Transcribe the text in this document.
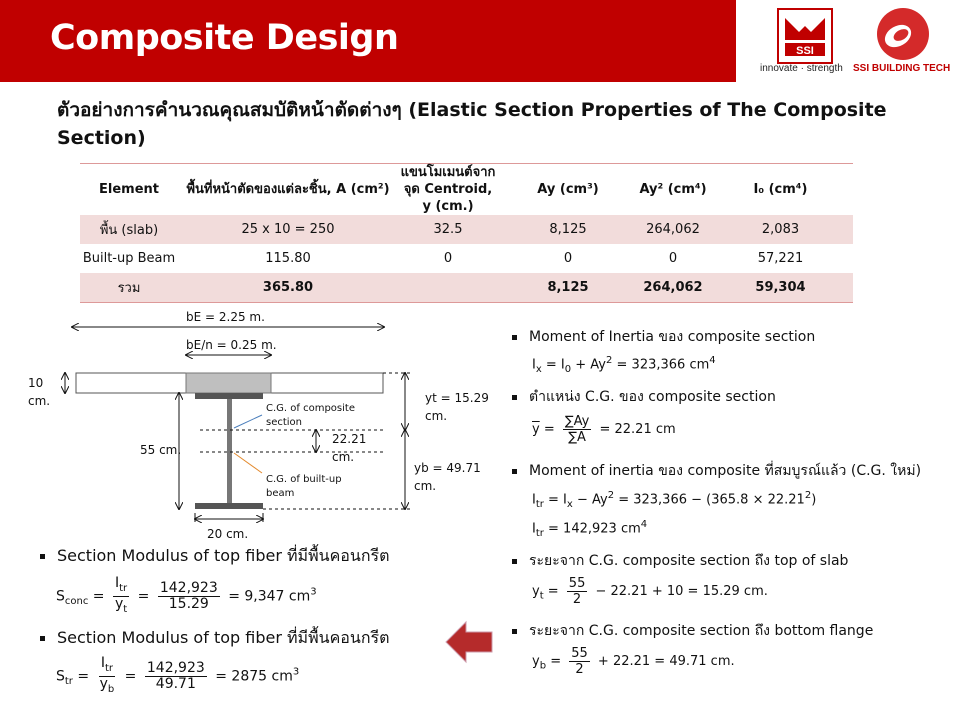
Composite Design	SSI
innovate · strength SSI BUILDING TECH
ตัวอย่างการคำนวณคุณสมบัติหน้าตัดต่างๆ (Elastic Section Properties of The Composite Section)
Element	พื้นที่หน้าตัดของแต่ละชิ้น, A (cm²)	แขนโมเมนต์จากจุด Centroid, y (cm.)	Ay (cm³)	Ay² (cm⁴)	I₀ (cm⁴)
พื้น (slab)	25 x 10 = 250	32.5	8,125	264,062	2,083
Built-up Beam	115.80	0	0	0	57,221
รวม	365.80		8,125	264,062	59,304
bE = 2.25 m.
bE/n = 0.25 m.
10
cm.
C.G. of composite
section
22.21
cm.
55 cm.
C.G. of built-up
beam
20 cm.
yt = 15.29
cm.
yb = 49.71
cm.
Moment of Inertia ของ composite section
$I_x = I_0 + Ay^2 = 323,366$ $cm^4$
ตำแหน่ง C.G. ของ composite section
$\overline{y} = \frac{\sum Ay}{\sum A} = 22.21$ cm
Moment of inertia ของ composite ที่สมบูรณ์แล้ว (C.G. ใหม่)
$I_{tr} = I_x - Ay^2 = 323,366 - (365.8 \times 22.21^2)$
$I_{tr} = 142,923$ $cm^4$
ระยะจาก C.G. composite section ถึง top of slab
$y_t = \frac{55}{2} - 22.21 + 10 = 15.29$ cm.
ระยะจาก C.G. composite section ถึง bottom flange
$y_b = \frac{55}{2} + 22.21 = 49.71$ cm.
Section Modulus of top fiber ที่มีพื้นคอนกรีต
$S_{conc} = \frac{I_{tr}}{y_t} = \frac{142,923}{15.29} = 9,347$ $cm^3$
Section Modulus of top fiber ที่มีพื้นคอนกรีต
$S_{tr} = \frac{I_{tr}}{y_b} = \frac{142,923}{49.71} = 2875$ $cm^3$
